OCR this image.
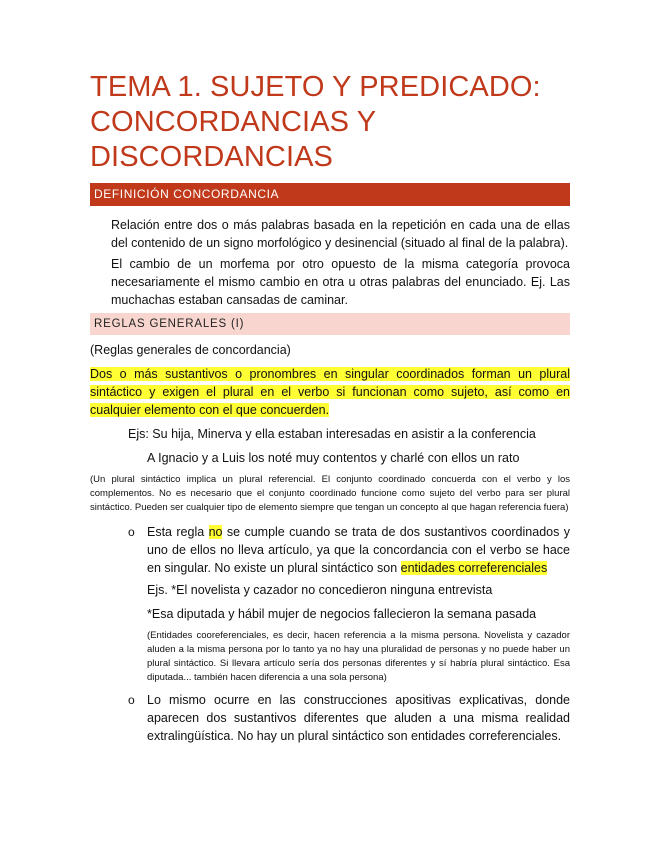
TEMA 1. SUJETO Y PREDICADO:
CONCORDANCIAS Y
DISCORDANCIAS
DEFINICIÓN CONCORDANCIA

Relación entre dos o más palabras basada en la repetición en cada una de ellas del contenido de un signo morfológico y desinencial (situado al final de la palabra).

El cambio de un morfema por otro opuesto de la misma categoría provoca necesariamente el mismo cambio en otra u otras palabras del enunciado. Ej. Las muchachas estaban cansadas de caminar.

REGLAS GENERALES (I)

(Reglas generales de concordancia)

Dos o más sustantivos o pronombres en singular coordinados forman un plural sintáctico y exigen el plural en el verbo si funcionan como sujeto, así como en cualquier elemento con el que concuerden.

Ejs: Su hija, Minerva y ella estaban interesadas en asistir a la conferencia

A Ignacio y a Luis los noté muy contentos y charlé con ellos un rato

(Un plural sintáctico implica un plural referencial. El conjunto coordinado concuerda con el verbo y los complementos. No es necesario que el conjunto coordinado funcione como sujeto del verbo para ser plural sintáctico. Pueden ser cualquier tipo de elemento siempre que tengan un concepto al que hagan referencia fuera)

o Esta regla no se cumple cuando se trata de dos sustantivos coordinados y uno de ellos no lleva artículo, ya que la concordancia con el verbo se hace en singular. No existe un plural sintáctico son entidades correferenciales

Ejs. *El novelista y cazador no concedieron ninguna entrevista

*Esa diputada y hábil mujer de negocios fallecieron la semana pasada

(Entidades cooreferenciales, es decir, hacen referencia a la misma persona. Novelista y cazador aluden a la misma persona por lo tanto ya no hay una pluralidad de personas y no puede haber un plural sintáctico. Si llevara artículo sería dos personas diferentes y sí habría plural sintáctico. Esa diputada... también hacen diferencia a una sola persona)

o Lo mismo ocurre en las construcciones apositivas explicativas, donde aparecen dos sustantivos diferentes que aluden a una misma realidad extralingüística. No hay un plural sintáctico son entidades correferenciales.
